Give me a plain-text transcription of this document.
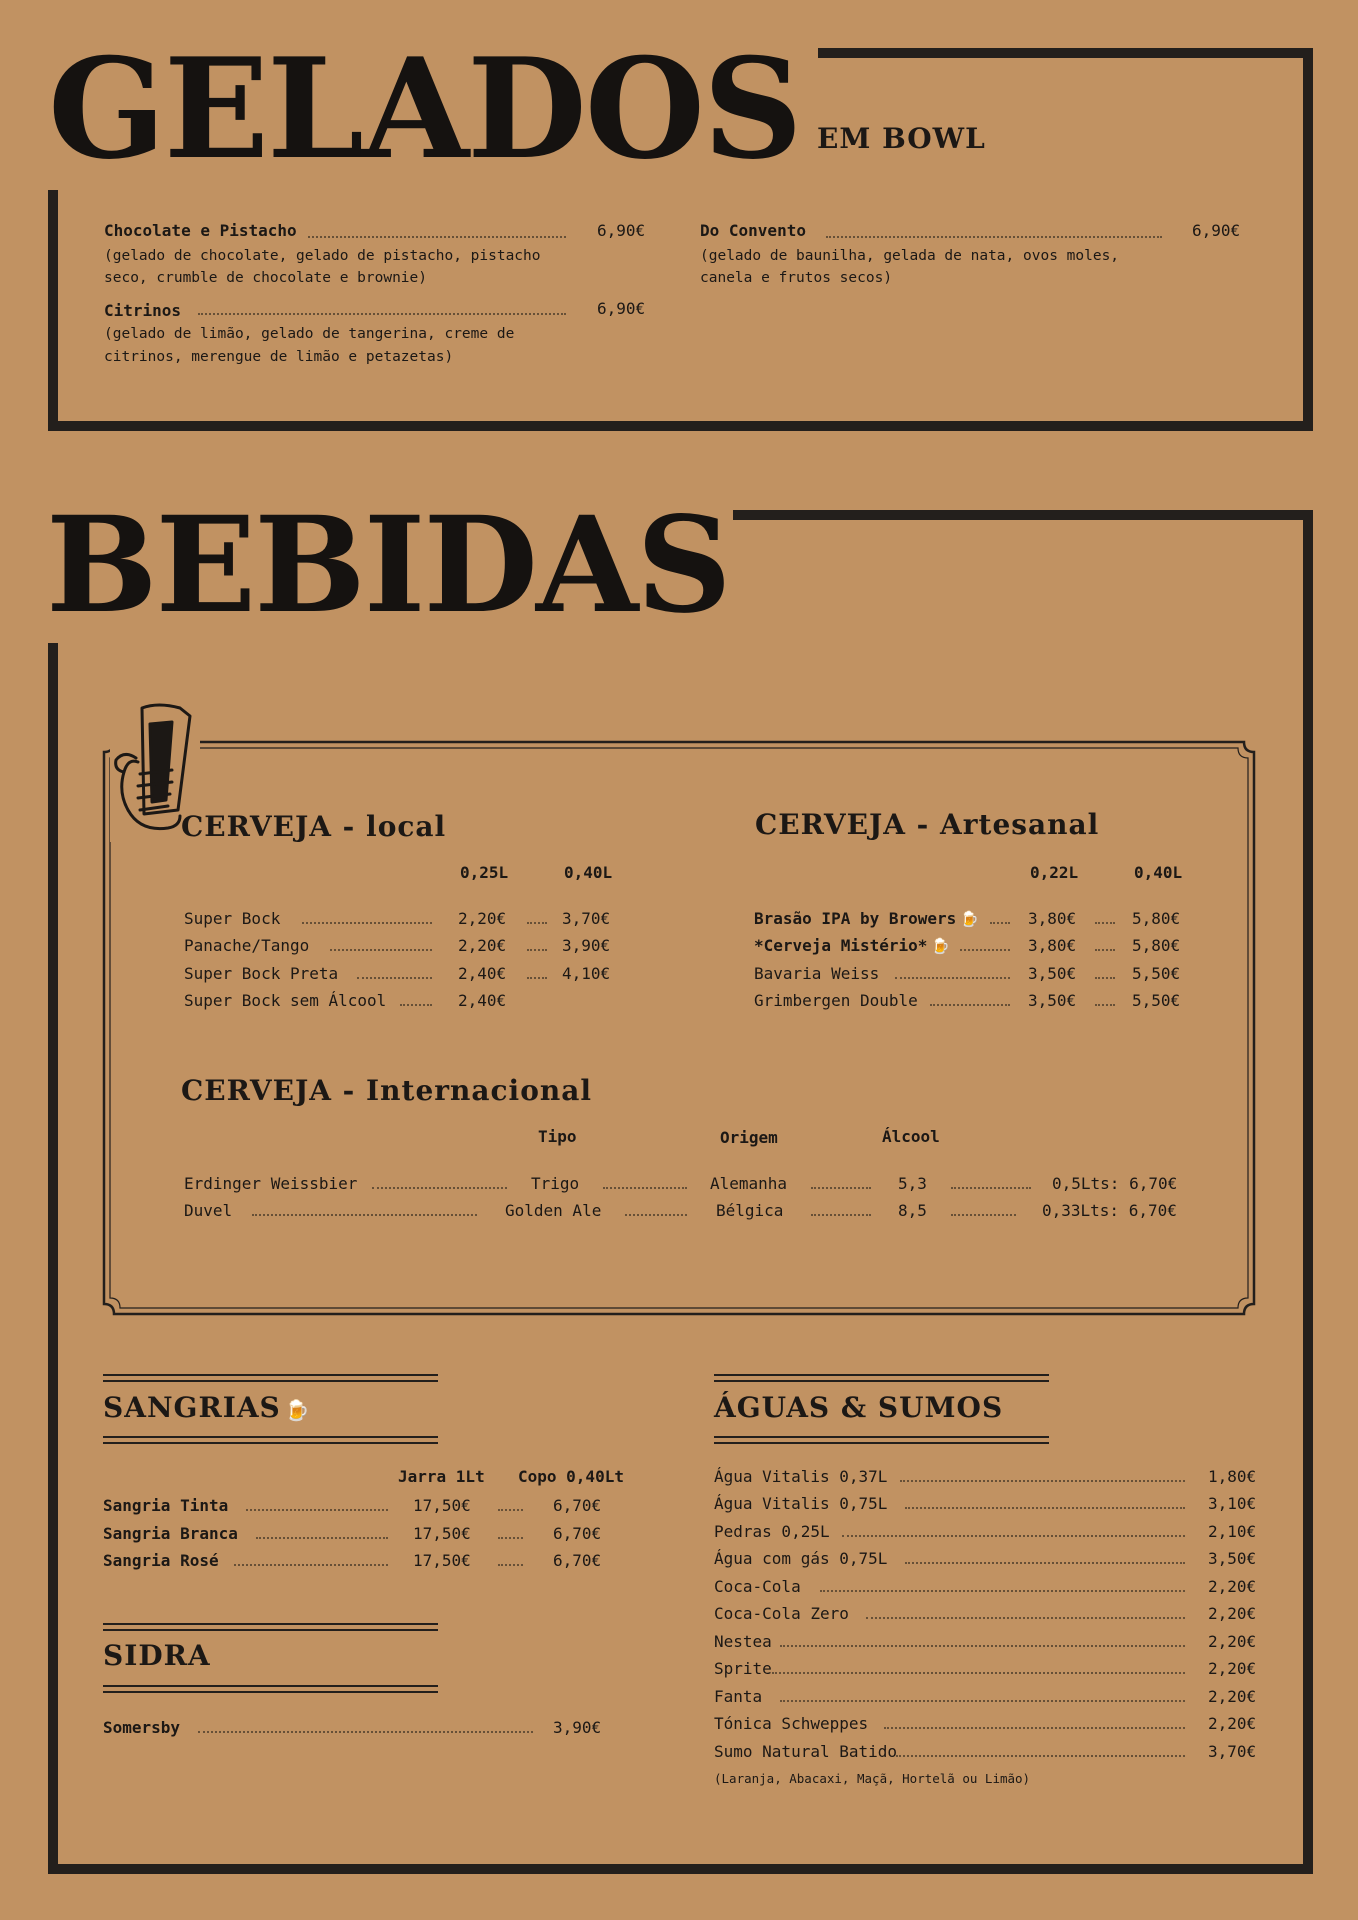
GELADOS EM BOWL
Chocolate e Pistacho	6,90€
(gelado de chocolate, gelado de pistacho, pistacho
seco, crumble de chocolate e brownie)
Citrinos	6,90€
(gelado de limão, gelado de tangerina, creme de
citrinos, merengue de limão e petazetas)
Do Convento	6,90€
(gelado de baunilha, gelada de nata, ovos moles,
canela e frutos secos)
BEBIDAS
CERVEJA - local
0,25L	0,40L
Super Bock	2,20€	3,70€
Panache/Tango	2,20€	3,90€
Super Bock Preta	2,40€	4,10€
Super Bock sem Álcool	2,40€
CERVEJA - Artesanal
0,22L	0,40L
Brasão IPA by Browers 🍺	3,80€	5,80€
*Cerveja Mistério* 🍺	3,80€	5,80€
Bavaria Weiss	3,50€	5,50€
Grimbergen Double	3,50€	5,50€
CERVEJA - Internacional
Tipo	Origem	Álcool
Erdinger Weissbier	Trigo	Alemanha	5,3	0,5Lts: 6,70€
Duvel	Golden Ale	Bélgica	8,5	0,33Lts: 6,70€
SANGRIAS 🍺
Jarra 1Lt Copo 0,40Lt
Sangria Tinta	17,50€	6,70€
Sangria Branca	17,50€	6,70€
Sangria Rosé	17,50€	6,70€
SIDRA
Somersby	3,90€
ÁGUAS & SUMOS
Água Vitalis 0,37L	1,80€
Água Vitalis 0,75L	3,10€
Pedras 0,25L	2,10€
Água com gás 0,75L	3,50€
Coca-Cola	2,20€
Coca-Cola Zero	2,20€
Nestea	2,20€
Sprite	2,20€
Fanta	2,20€
Tónica Schweppes	2,20€
Sumo Natural Batido	3,70€
(Laranja, Abacaxi, Maçã, Hortelã ou Limão)
